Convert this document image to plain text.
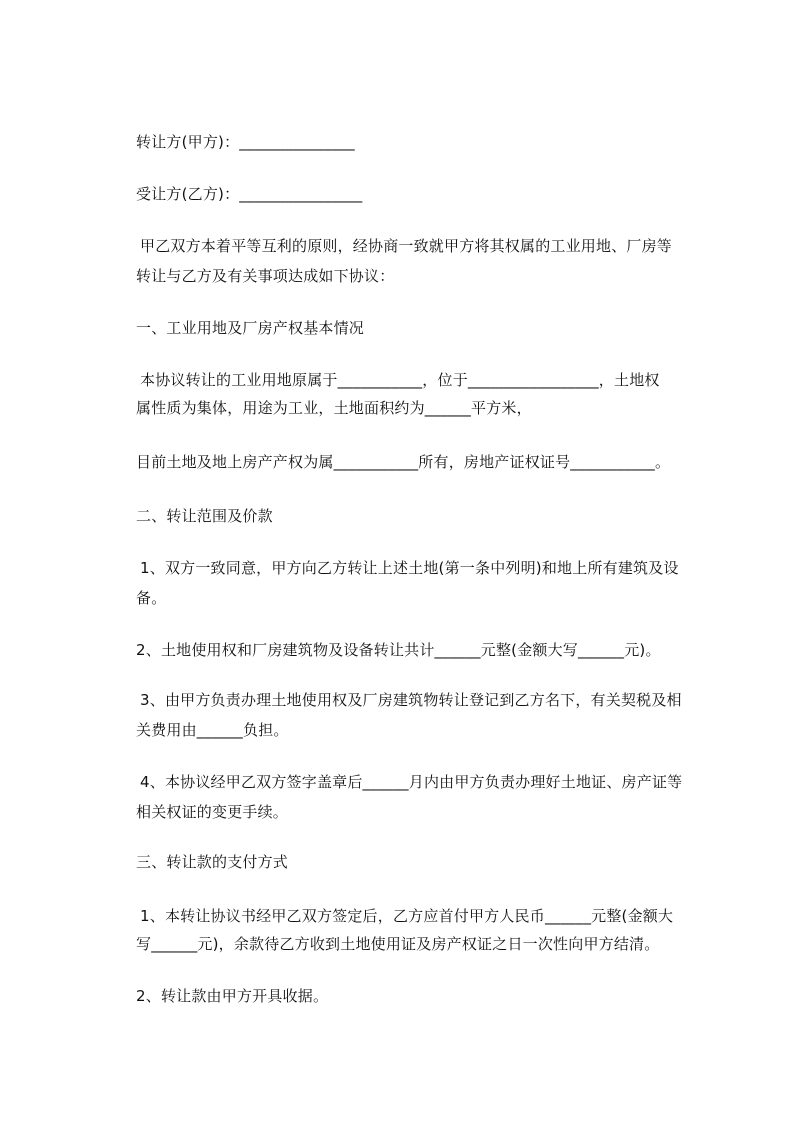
转让方(甲方)：_______________
受让方(乙方)：________________
甲乙双方本着平等互利的原则，经协商一致就甲方将其权属的工业用地、厂房等
转让与乙方及有关事项达成如下协议：
一、工业用地及厂房产权基本情况
本协议转让的工业用地原属于___________，位于_________________，土地权
属性质为集体，用途为工业，土地面积约为______平方米，
目前土地及地上房产产权为属___________所有，房地产证权证号___________。
二、转让范围及价款
1、双方一致同意，甲方向乙方转让上述土地(第一条中列明)和地上所有建筑及设
备。
2、土地使用权和厂房建筑物及设备转让共计______元整(金额大写______元)。
3、由甲方负责办理土地使用权及厂房建筑物转让登记到乙方名下，有关契税及相
关费用由______负担。
4、本协议经甲乙双方签字盖章后______月内由甲方负责办理好土地证、房产证等
相关权证的变更手续。
三、转让款的支付方式
1、本转让协议书经甲乙双方签定后，乙方应首付甲方人民币______元整(金额大
写______元)，余款待乙方收到土地使用证及房产权证之日一次性向甲方结清。
2、转让款由甲方开具收据。
